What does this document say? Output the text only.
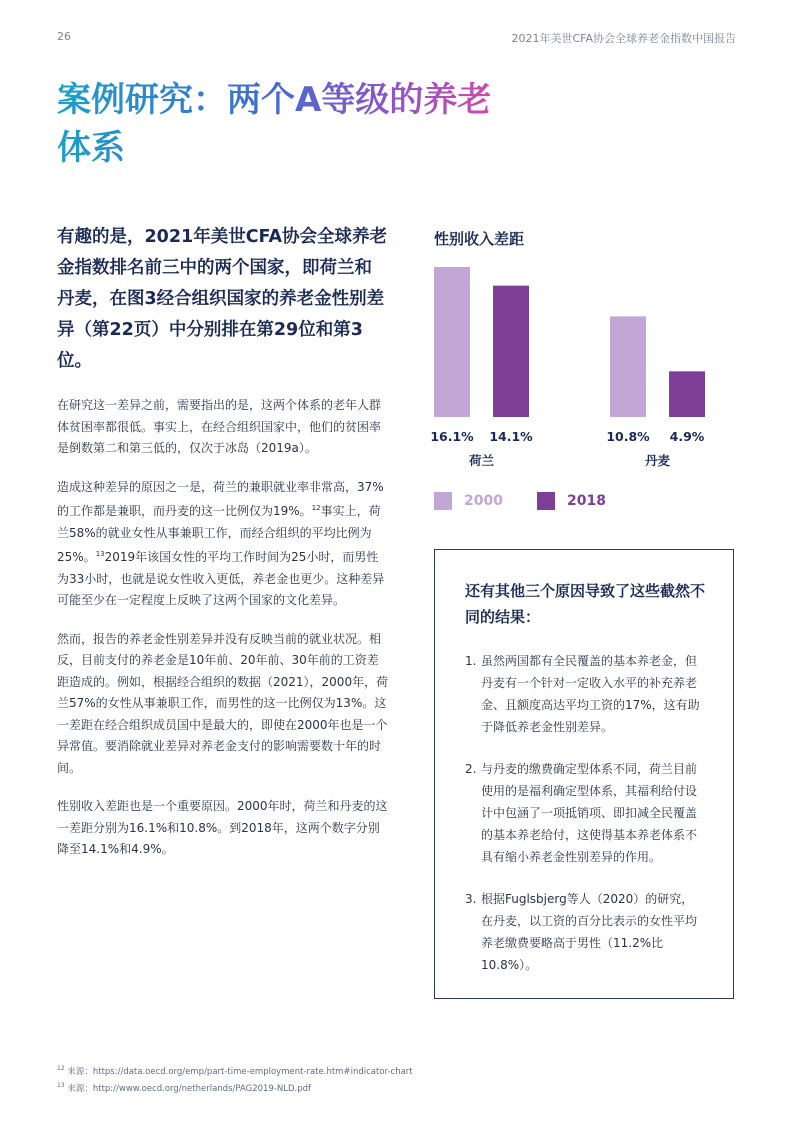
26	2021年美世CFA协会全球养老金指数中国报告
案例研究：两个A等级的养老体系

有趣的是，2021年美世CFA协会全球养老金指数排名前三中的两个国家，即荷兰和丹麦，在图3经合组织国家的养老金性别差异（第22页）中分别排在第29位和第3位。

在研究这一差异之前，需要指出的是，这两个体系的老年人群体贫困率都很低。事实上，在经合组织国家中，他们的贫困率是倒数第二和第三低的，仅次于冰岛（2019a）。

造成这种差异的原因之一是，荷兰的兼职就业率非常高，37%的工作都是兼职，而丹麦的这一比例仅为19%。$^{12}$事实上，荷兰58%的就业女性从事兼职工作，而经合组织的平均比例为25%。$^{13}$2019年该国女性的平均工作时间为25小时，而男性为33小时，也就是说女性收入更低，养老金也更少。这种差异可能至少在一定程度上反映了这两个国家的文化差异。

然而，报告的养老金性别差异并没有反映当前的就业状况。相反，目前支付的养老金是10年前、20年前、30年前的工资差距造成的。例如，根据经合组织的数据（2021），2000年，荷兰57%的女性从事兼职工作，而男性的这一比例仅为13%。这一差距在经合组织成员国中是最大的，即使在2000年也是一个异常值。要消除就业差异对养老金支付的影响需要数十年的时间。

性别收入差距也是一个重要原因。2000年时，荷兰和丹麦的这一差距分别为16.1%和10.8%。到2018年，这两个数字分别降至14.1%和4.9%。

性别收入差距
16.1% 14.1%
荷兰
10.8% 4.9%
丹麦
2000	2018
还有其他三个原因导致了这些截然不同的结果：
1. 虽然两国都有全民覆盖的基本养老金，但丹麦有一个针对一定收入水平的补充养老金、且额度高达平均工资的17%，这有助于降低养老金性别差异。
2. 与丹麦的缴费确定型体系不同，荷兰目前使用的是福利确定型体系，其福利给付设计中包涵了一项抵销项、即扣减全民覆盖的基本养老给付，这使得基本养老体系不具有缩小养老金性别差异的作用。
3. 根据Fuglsbjerg等人（2020）的研究，在丹麦，以工资的百分比表示的女性平均养老缴费要略高于男性（11.2%比10.8%）。
$^{12}$ 来源：https://data.oecd.org/emp/part-time-employment-rate.htm#indicator-chart
$^{13}$ 来源：http://www.oecd.org/netherlands/PAG2019-NLD.pdf
